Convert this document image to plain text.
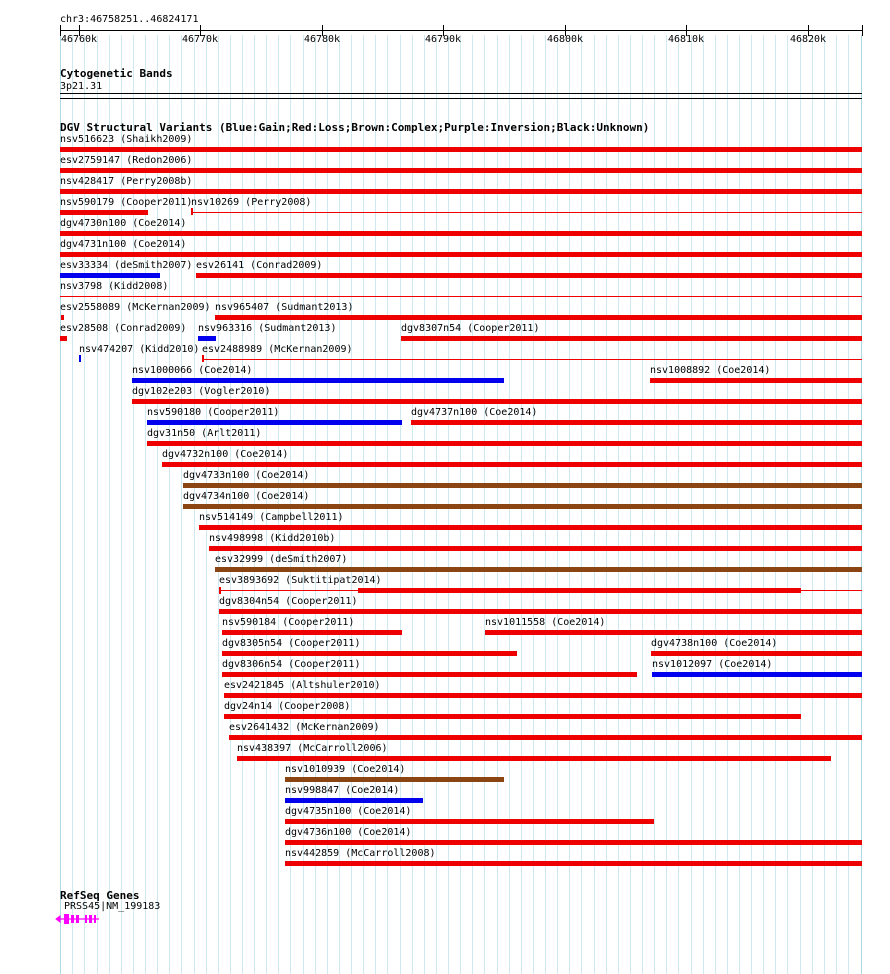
chr3:46758251..46824171
46760k	46770k	46780k	46790k	46800k	46810k	46820k
Cytogenetic Bands
3p21.31
DGV Structural Variants (Blue:Gain;Red:Loss;Brown:Complex;Purple:Inversion;Black:Unknown)
nsv516623 (Shaikh2009)
esv2759147 (Redon2006)
nsv428417 (Perry2008b)
nsv590179 (Cooper2011)
nsv10269 (Perry2008)
dgv4730n100 (Coe2014)
dgv4731n100 (Coe2014)
esv33334 (deSmith2007) esv26141 (Conrad2009)
nsv3798 (Kidd2008)
esv2558089 (McKernan2009) nsv965407 (Sudmant2013)
esv28508 (Conrad2009) nsv963316 (Sudmant2013)	dgv8307n54 (Cooper2011)
nsv474207 (Kidd2010) esv2488989 (McKernan2009)
nsv1000066 (Coe2014)	nsv1008892 (Coe2014)
dgv102e203 (Vogler2010)
nsv590180 (Cooper2011)	dgv4737n100 (Coe2014)
dgv31n50 (Arlt2011)
dgv4732n100 (Coe2014)
dgv4733n100 (Coe2014)
dgv4734n100 (Coe2014)
nsv514149 (Campbell2011)
nsv498998 (Kidd2010b)
esv32999 (deSmith2007)
esv3893692 (Suktitipat2014)
dgv8304n54 (Cooper2011)
nsv590184 (Cooper2011)	nsv1011558 (Coe2014)
dgv8305n54 (Cooper2011)	dgv4738n100 (Coe2014)
dgv8306n54 (Cooper2011)	nsv1012097 (Coe2014)
esv2421845 (Altshuler2010)
dgv24n14 (Cooper2008)
esv2641432 (McKernan2009)
nsv438397 (McCarroll2006)
nsv1010939 (Coe2014)
nsv998847 (Coe2014)
dgv4735n100 (Coe2014)
dgv4736n100 (Coe2014)
nsv442859 (McCarroll2008)
RefSeq Genes
PRSS45|NM_199183
